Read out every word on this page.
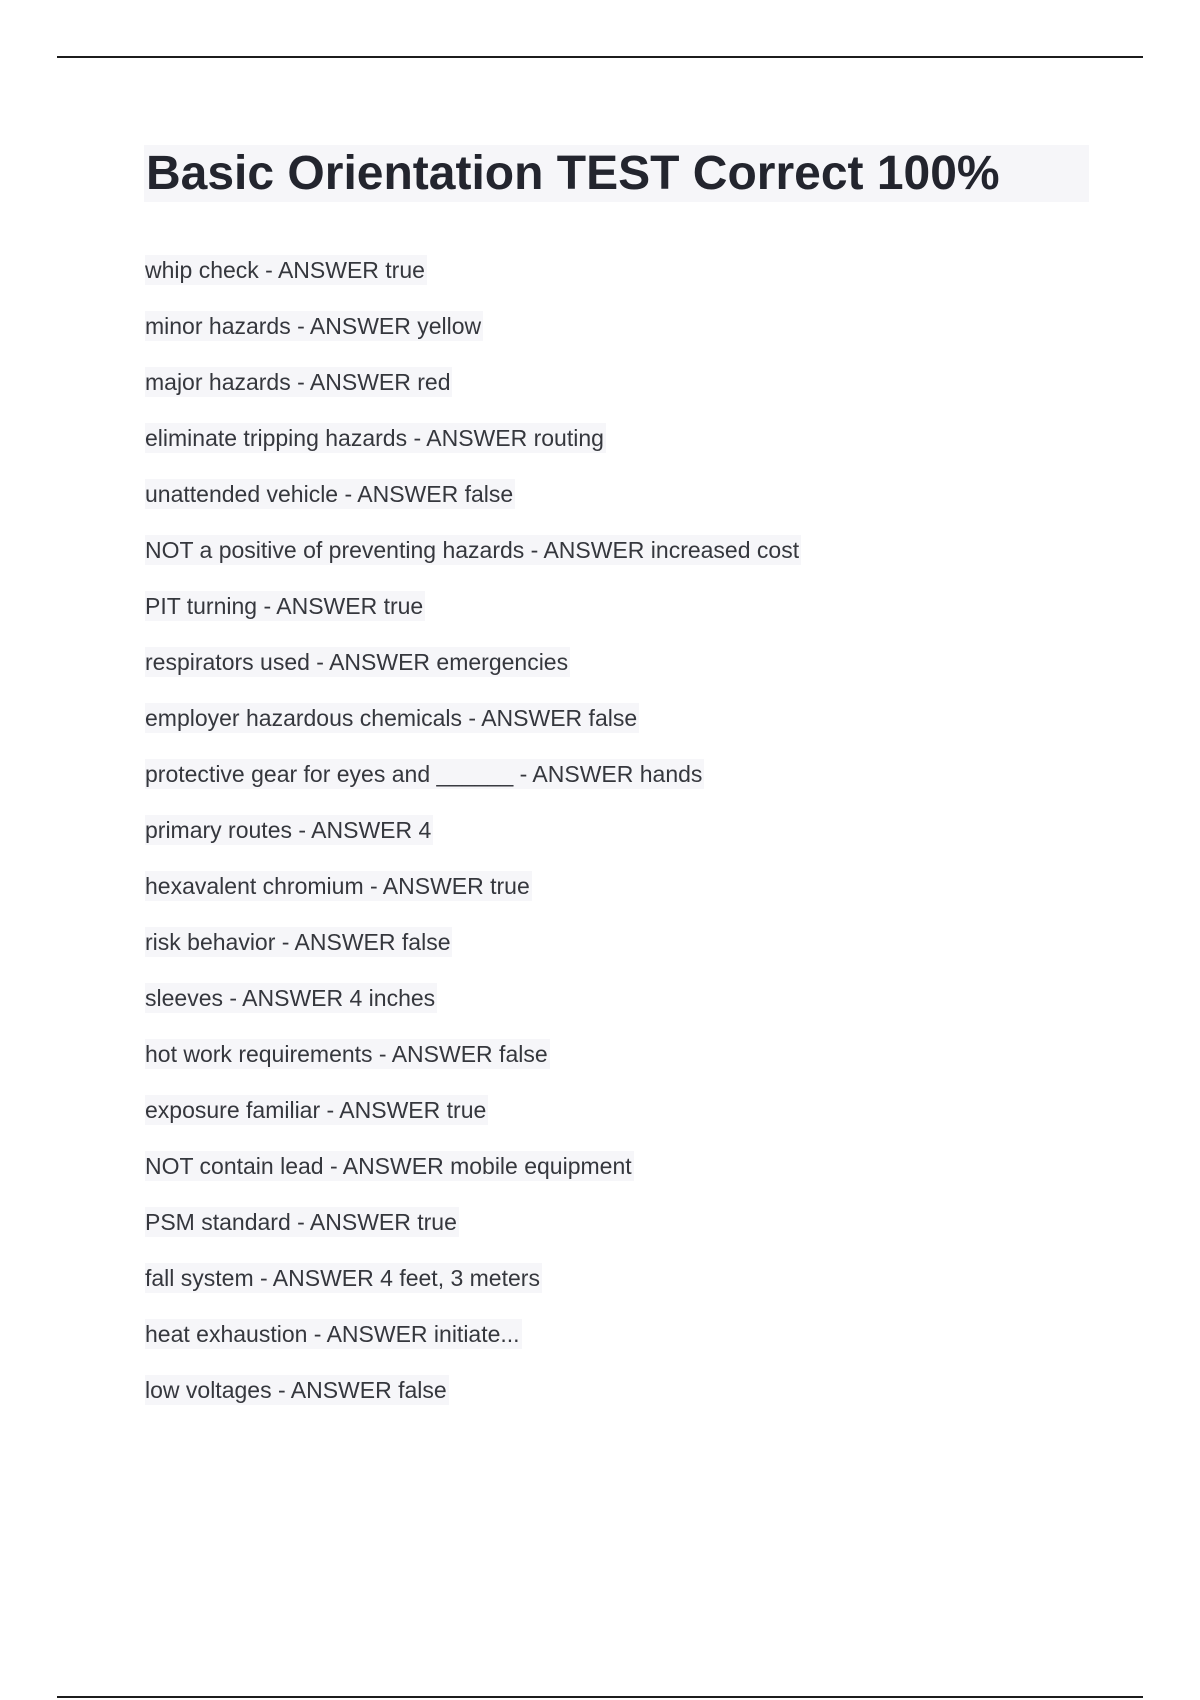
Basic Orientation TEST Correct 100%
whip check - ANSWER true
minor hazards - ANSWER yellow
major hazards - ANSWER red
eliminate tripping hazards - ANSWER routing
unattended vehicle - ANSWER false
NOT a positive of preventing hazards - ANSWER increased cost
PIT turning - ANSWER true
respirators used - ANSWER emergencies
employer hazardous chemicals - ANSWER false
protective gear for eyes and ______ - ANSWER hands
primary routes - ANSWER 4
hexavalent chromium - ANSWER true
risk behavior - ANSWER false
sleeves - ANSWER 4 inches
hot work requirements - ANSWER false
exposure familiar - ANSWER true
NOT contain lead - ANSWER mobile equipment
PSM standard - ANSWER true
fall system - ANSWER 4 feet, 3 meters
heat exhaustion - ANSWER initiate...
low voltages - ANSWER false
